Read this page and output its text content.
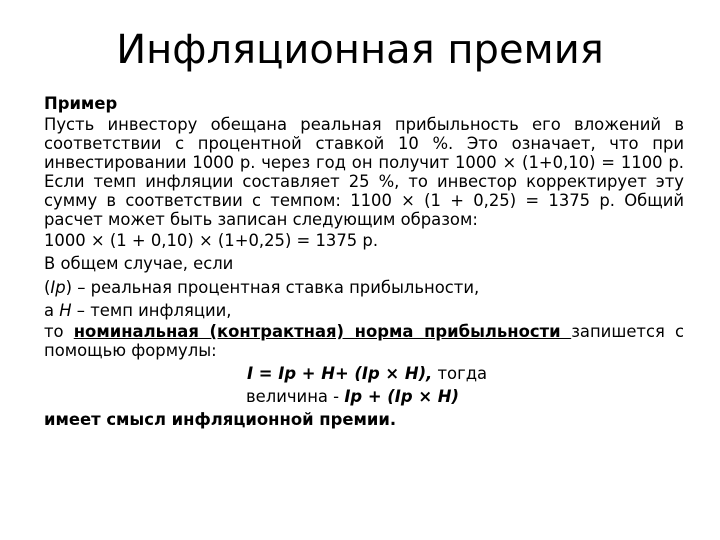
Инфляционная премия

Пример

Пусть инвестору обещана реальная прибыльность его вложений в соответствии с процентной ставкой 10 %. Это означает, что при инвестировании 1000 р. через год он получит 1000 × (1+0,10) = 1100 р. Если темп инфляции составляет 25 %, то инвестор корректирует эту сумму в соответствии с темпом: 1100 × (1 + 0,25) = 1375 р. Общий расчет может быть записан следующим образом:

1000 × (1 + 0,10) × (1+0,25) = 1375 р.

В общем случае, если

(Ip) – реальная процентная ставка прибыльности,

а H – темп инфляции,

то номинальная (контрактная) норма прибыльности запишется с помощью формулы:

I = Ip + H+ (Ip × H), тогда

величина - Ip + (Ip × H)

имеет смысл инфляционной премии.
